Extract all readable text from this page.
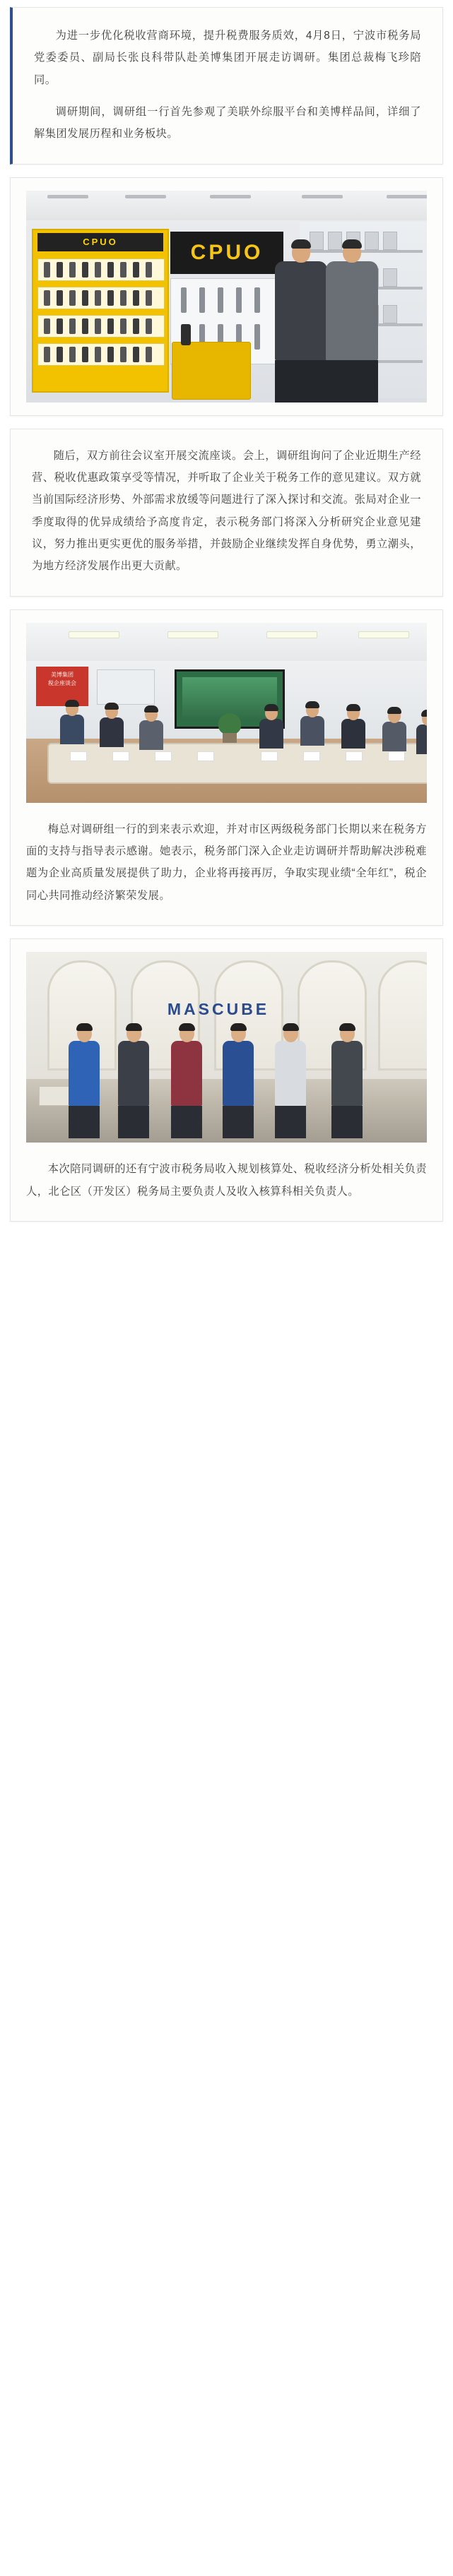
为进一步优化税收营商环境，提升税费服务质效，4月8日，宁波市税务局党委委员、副局长张良科带队赴美博集团开展走访调研。集团总裁梅飞珍陪同。

调研期间，调研组一行首先参观了美联外综服平台和美博样品间，详细了解集团发展历程和业务板块。

CPUO	CPUO

随后，双方前往会议室开展交流座谈。会上，调研组询问了企业近期生产经营、税收优惠政策享受等情况，并听取了企业关于税务工作的意见建议。双方就当前国际经济形势、外部需求放缓等问题进行了深入探讨和交流。张局对企业一季度取得的优异成绩给予高度肯定，表示税务部门将深入分析研究企业意见建议，努力推出更实更优的服务举措，并鼓励企业继续发挥自身优势，勇立潮头，为地方经济发展作出更大贡献。

美博集团
税企座谈会

梅总对调研组一行的到来表示欢迎，并对市区两级税务部门长期以来在税务方面的支持与指导表示感谢。她表示，税务部门深入企业走访调研并帮助解决涉税难题为企业高质量发展提供了助力，企业将再接再厉，争取实现业绩“全年红”，税企同心共同推动经济繁荣发展。

MASCUBE

本次陪同调研的还有宁波市税务局收入规划核算处、税收经济分析处相关负责人，北仑区（开发区）税务局主要负责人及收入核算科相关负责人。
